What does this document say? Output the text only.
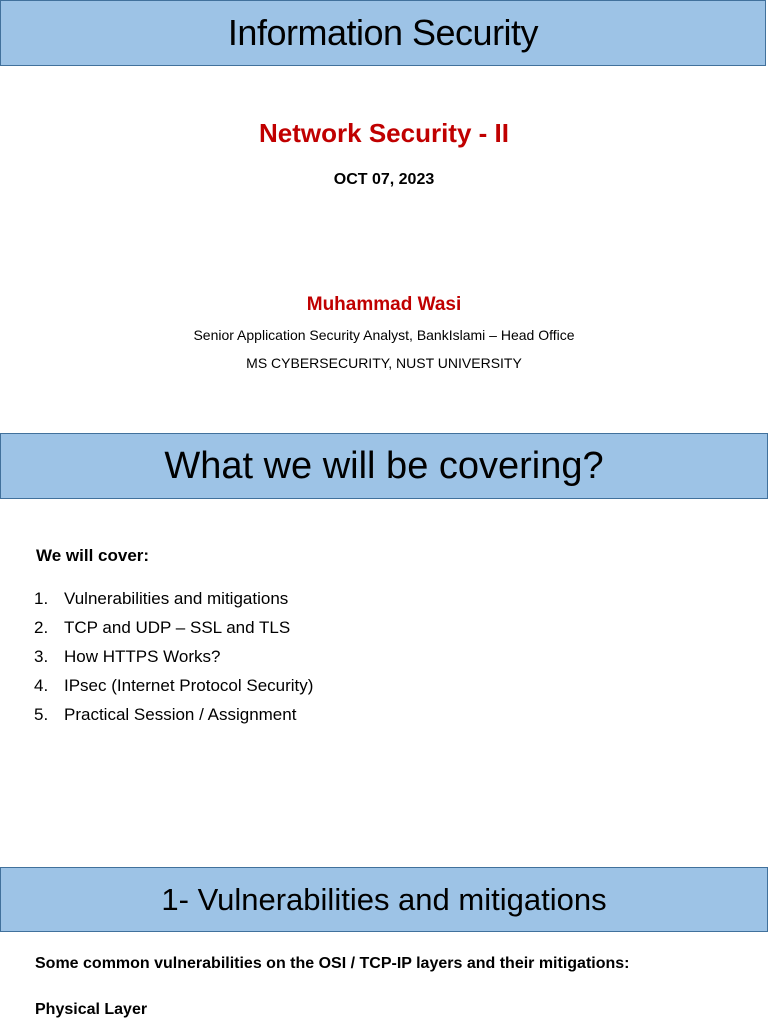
Information Security
Network Security - II
OCT 07, 2023
Muhammad Wasi
Senior Application Security Analyst, BankIslami – Head Office
MS CYBERSECURITY, NUST UNIVERSITY
What we will be covering?
We will cover:
1. Vulnerabilities and mitigations
2. TCP and UDP – SSL and TLS
3. How HTTPS Works?
4. IPsec (Internet Protocol Security)
5. Practical Session / Assignment
1- Vulnerabilities and mitigations
Some common vulnerabilities on the OSI / TCP-IP layers and their mitigations:
Physical Layer
